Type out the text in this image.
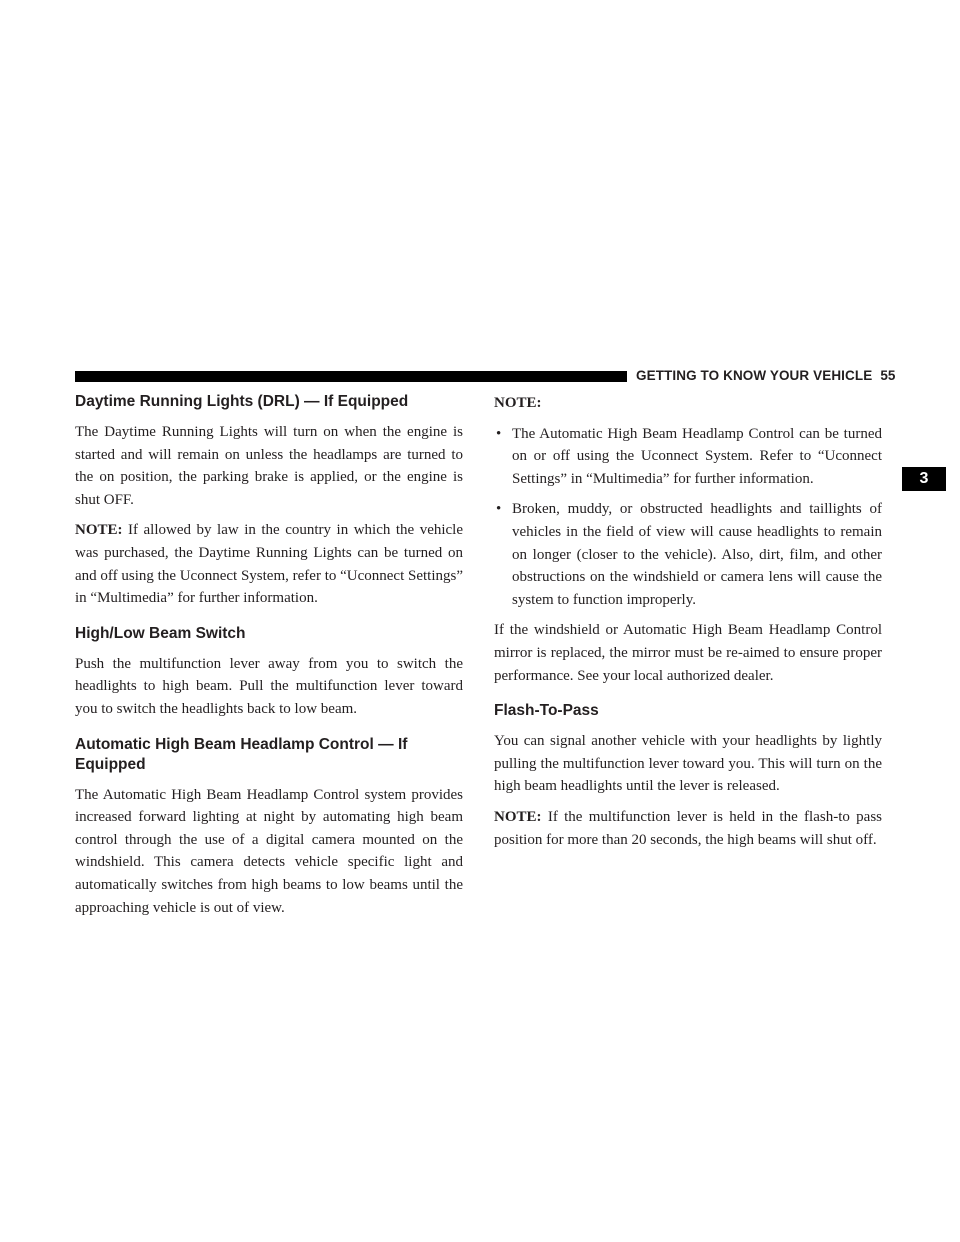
GETTING TO KNOW YOUR VEHICLE 55
3
Daytime Running Lights (DRL) — If Equipped

The Daytime Running Lights will turn on when the engine is started and will remain on unless the headlamps are turned to the on position, the parking brake is applied, or the engine is shut OFF.

NOTE: If allowed by law in the country in which the vehicle was purchased, the Daytime Running Lights can be turned on and off using the Uconnect System, refer to “Uconnect Settings” in “Multimedia” for further information.

High/Low Beam Switch

Push the multifunction lever away from you to switch the headlights to high beam. Pull the multifunction lever toward you to switch the headlights back to low beam.

Automatic High Beam Headlamp Control — If Equipped

The Automatic High Beam Headlamp Control system provides increased forward lighting at night by automating high beam control through the use of a digital camera mounted on the windshield. This camera detects vehicle specific light and automatically switches from high beams to low beams until the approaching vehicle is out of view.

NOTE:

• The Automatic High Beam Headlamp Control can be turned on or off using the Uconnect System. Refer to “Uconnect Settings” in “Multimedia” for further information.
• Broken, muddy, or obstructed headlights and taillights of vehicles in the field of view will cause headlights to remain on longer (closer to the vehicle). Also, dirt, film, and other obstructions on the windshield or camera lens will cause the system to function improperly.

If the windshield or Automatic High Beam Headlamp Control mirror is replaced, the mirror must be re-aimed to ensure proper performance. See your local authorized dealer.

Flash-To-Pass

You can signal another vehicle with your headlights by lightly pulling the multifunction lever toward you. This will turn on the high beam headlights until the lever is released.

NOTE: If the multifunction lever is held in the flash-to pass position for more than 20 seconds, the high beams will shut off.
